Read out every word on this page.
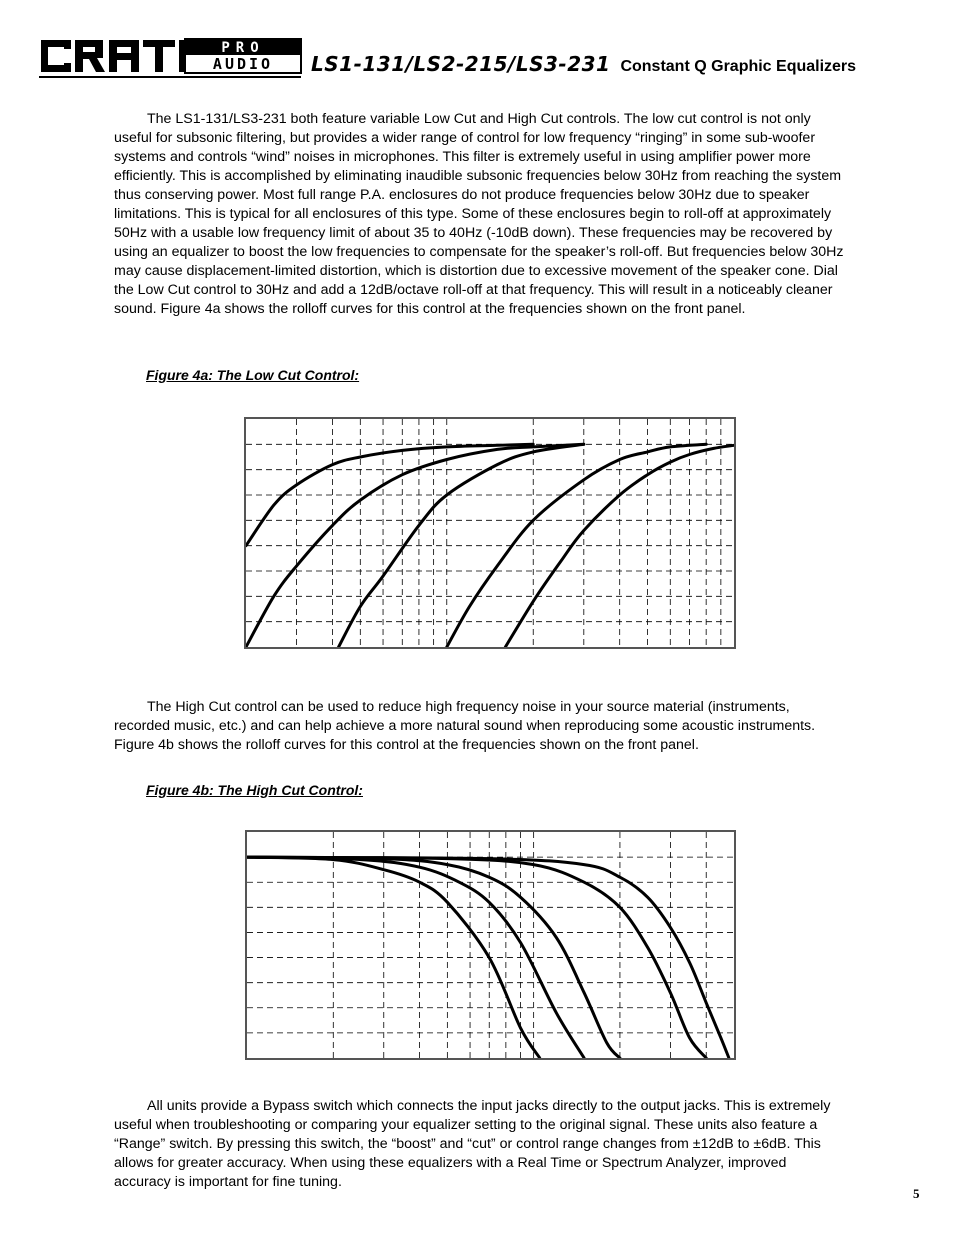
PRO
AUDIO LS1-131/LS2-215/LS3-231 Constant Q Graphic Equalizers

The LS1-131/LS3-231 both feature variable Low Cut and High Cut controls. The low cut control is not only useful for subsonic filtering, but provides a wider range of control for low frequency “ringing” in some sub-woofer systems and controls “wind” noises in microphones. This filter is extremely useful in using amplifier power more efficiently. This is accomplished by eliminating inaudible subsonic frequencies below 30Hz from reaching the system thus conserving power. Most full range P.A. enclosures do not produce frequencies below 30Hz due to speaker limitations. This is typical for all enclosures of this type. Some of these enclosures begin to roll-off at approximately 50Hz with a usable low frequency limit of about 35 to 40Hz (-10dB down). These frequencies may be recovered by using an equalizer to boost the low frequencies to compensate for the speaker’s roll-off. But frequencies below 30Hz may cause displacement-limited distortion, which is distortion due to excessive movement of the speaker cone. Dial the Low Cut control to 30Hz and add a 12dB/octave roll-off at that frequency. This will result in a noticeably cleaner sound. Figure 4a shows the rolloff curves for this control at the frequencies shown on the front panel.

Figure 4a: The Low Cut Control:

The High Cut control can be used to reduce high frequency noise in your source material (instruments, recorded music, etc.) and can help achieve a more natural sound when reproducing some acoustic instruments. Figure 4b shows the rolloff curves for this control at the frequencies shown on the front panel.

Figure 4b: The High Cut Control:

All units provide a Bypass switch which connects the input jacks directly to the output jacks. This is extremely useful when troubleshooting or comparing your equalizer setting to the original signal. These units also feature a “Range” switch. By pressing this switch, the “boost” and “cut” or control range changes from ±12dB to ±6dB. This allows for greater accuracy. When using these equalizers with a Real Time or Spectrum Analyzer, improved accuracy is important for fine tuning.

5
